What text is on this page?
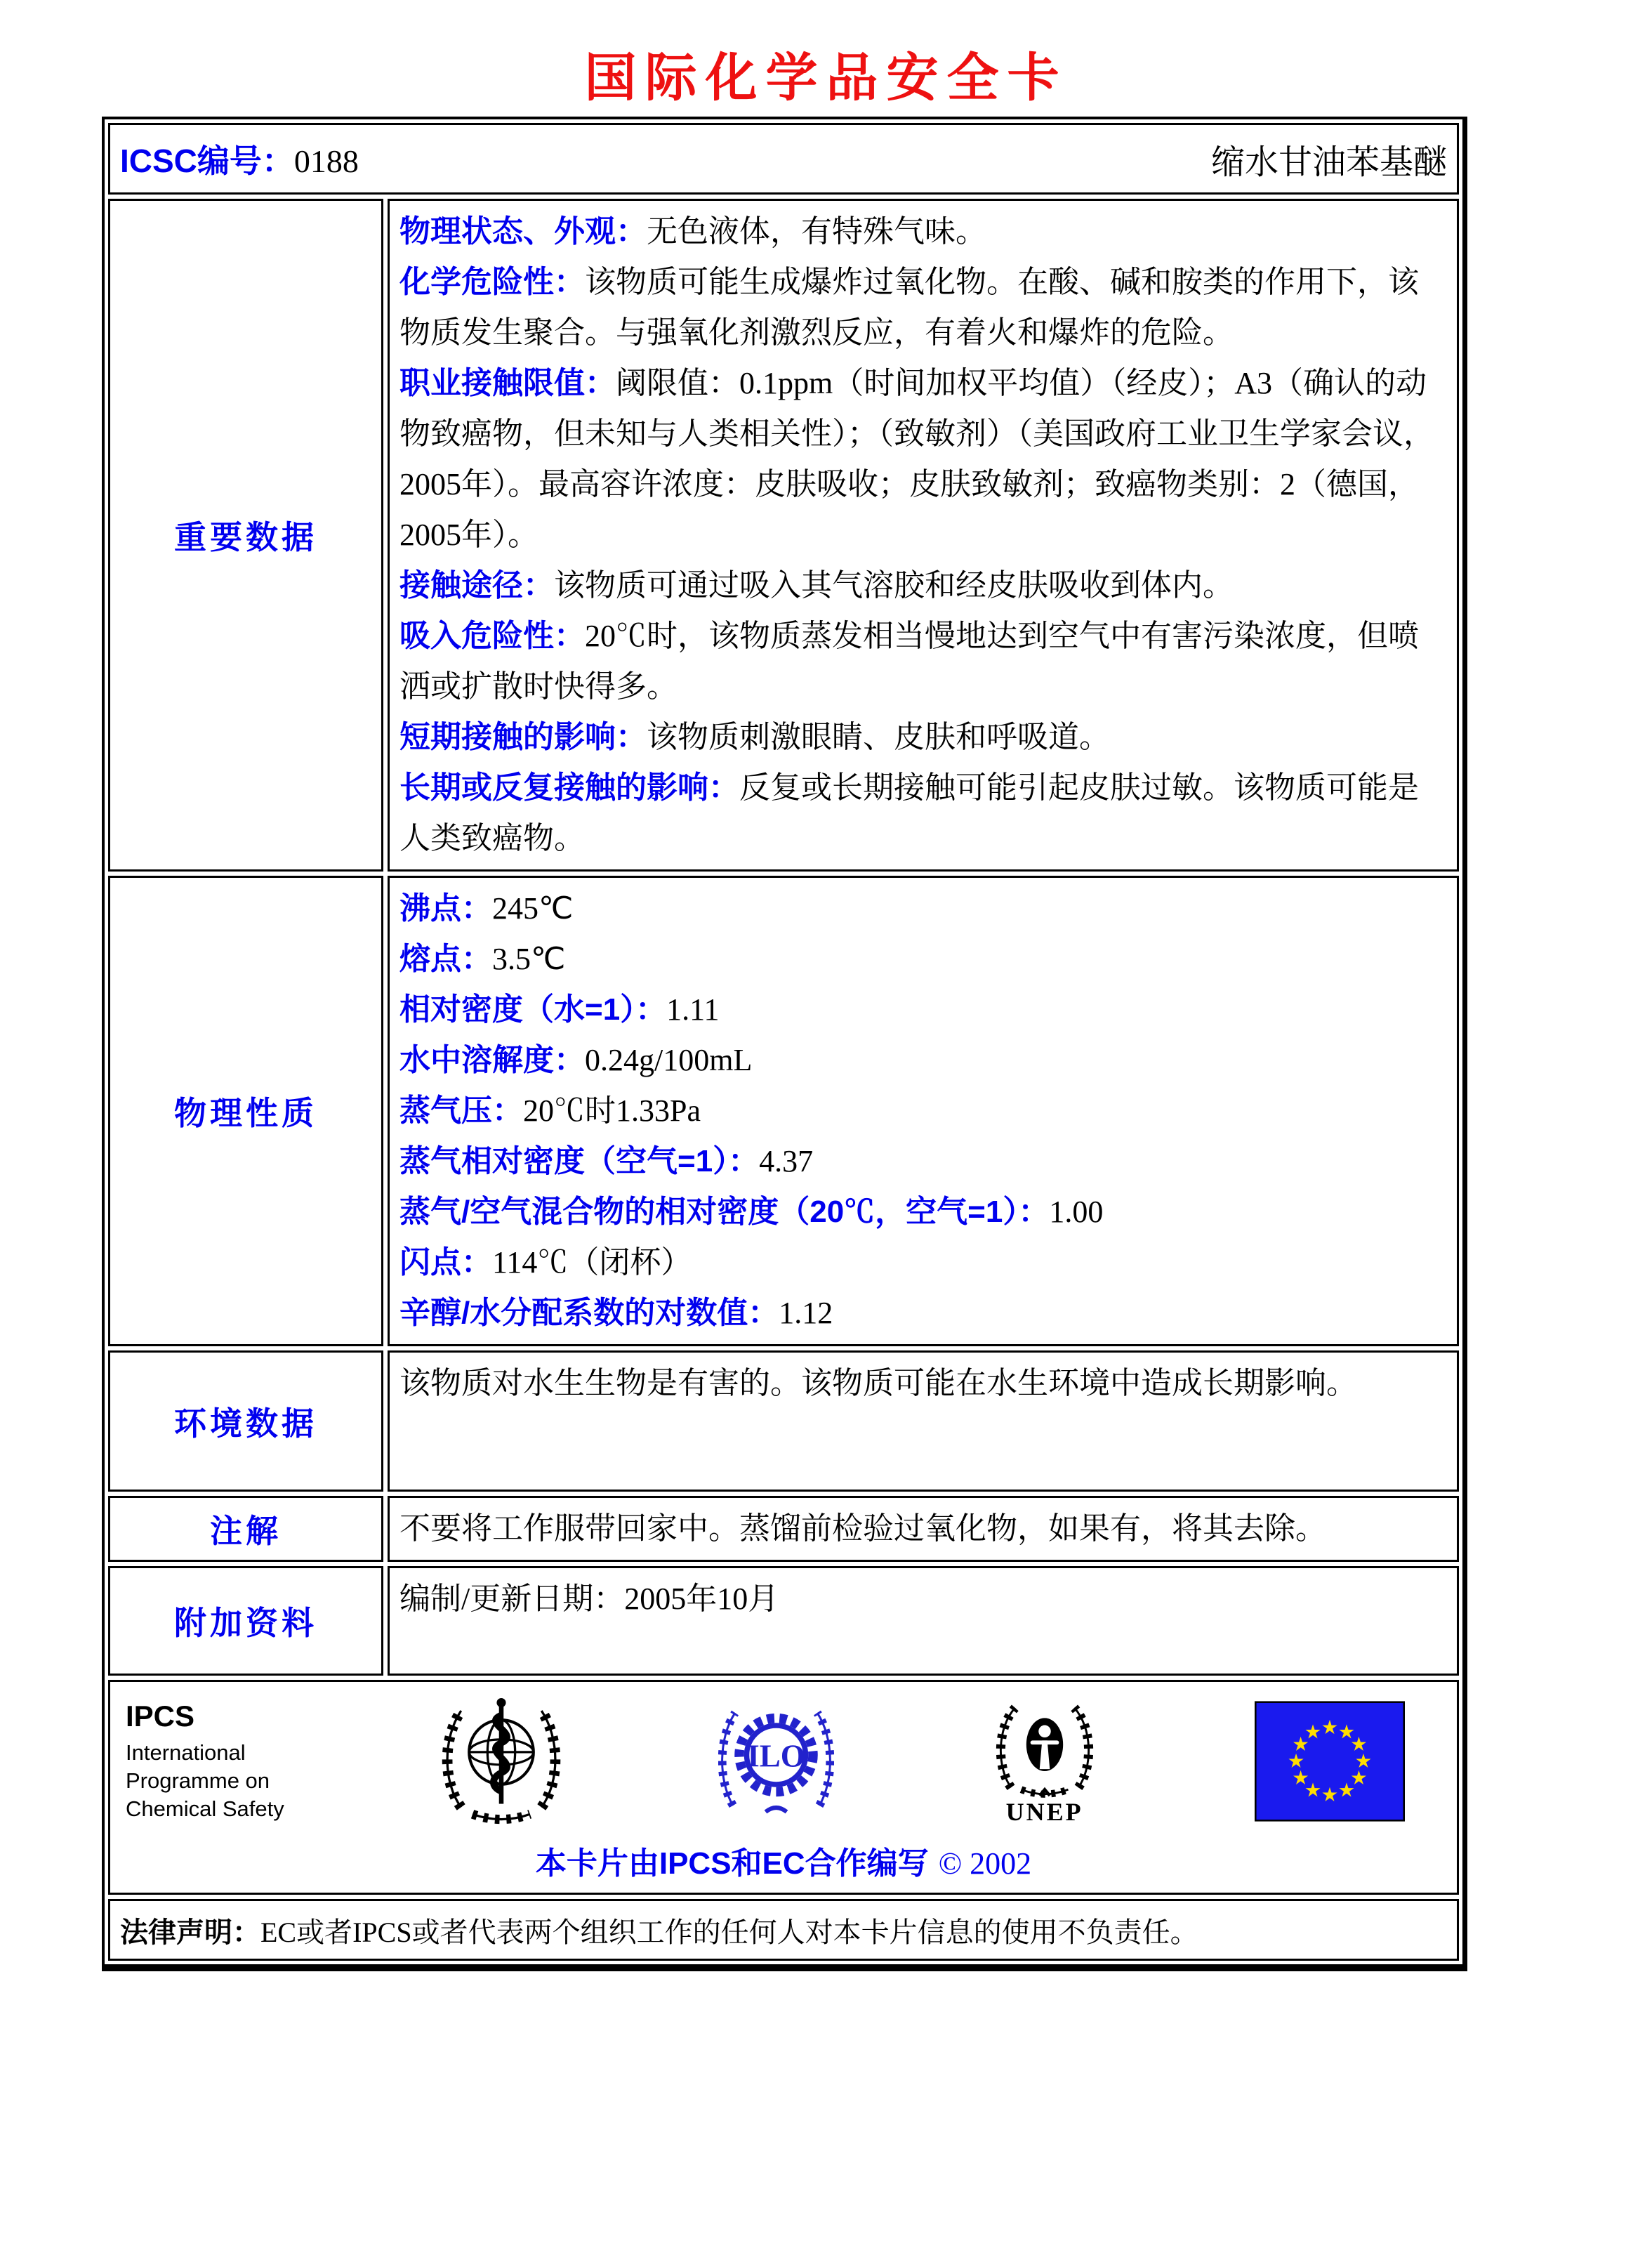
国际化学品安全卡
ICSC编号：0188	缩水甘油苯基醚
重要数据

物理状态、外观：无色液体，有特殊气味。

化学危险性：该物质可能生成爆炸过氧化物。在酸、碱和胺类的作用下，该物质发生聚合。与强氧化剂激烈反应，有着火和爆炸的危险。

职业接触限值：阈限值：0.1ppm（时间加权平均值）（经皮）；A3（确认的动物致癌物，但未知与人类相关性）；（致敏剂）（美国政府工业卫生学家会议，2005年）。最高容许浓度：皮肤吸收；皮肤致敏剂；致癌物类别：2（德国，2005年）。

接触途径：该物质可通过吸入其气溶胶和经皮肤吸收到体内。

吸入危险性：20℃时，该物质蒸发相当慢地达到空气中有害污染浓度，但喷洒或扩散时快得多。

短期接触的影响：该物质刺激眼睛、皮肤和呼吸道。

长期或反复接触的影响：反复或长期接触可能引起皮肤过敏。该物质可能是人类致癌物。

物理性质

沸点：245℃

熔点：3.5℃

相对密度（水=1）：1.11

水中溶解度：0.24g/100mL

蒸气压：20℃时1.33Pa

蒸气相对密度（空气=1）：4.37

蒸气/空气混合物的相对密度（20℃，空气=1）：1.00

闪点：114℃（闭杯）

辛醇/水分配系数的对数值：1.12

环境数据

该物质对水生生物是有害的。该物质可能在水生环境中造成长期影响。

注解	不要将工作服带回家中。蒸馏前检验过氧化物，如果有，将其去除。

附加资料

编制/更新日期：2005年10月

IPCS

International

Programme on

Chemical Safety

ILO
UNEP

本卡片由IPCS和EC合作编写 © 2002

法律声明： EC或者IPCS或者代表两个组织工作的任何人对本卡片信息的使用不负责任。
